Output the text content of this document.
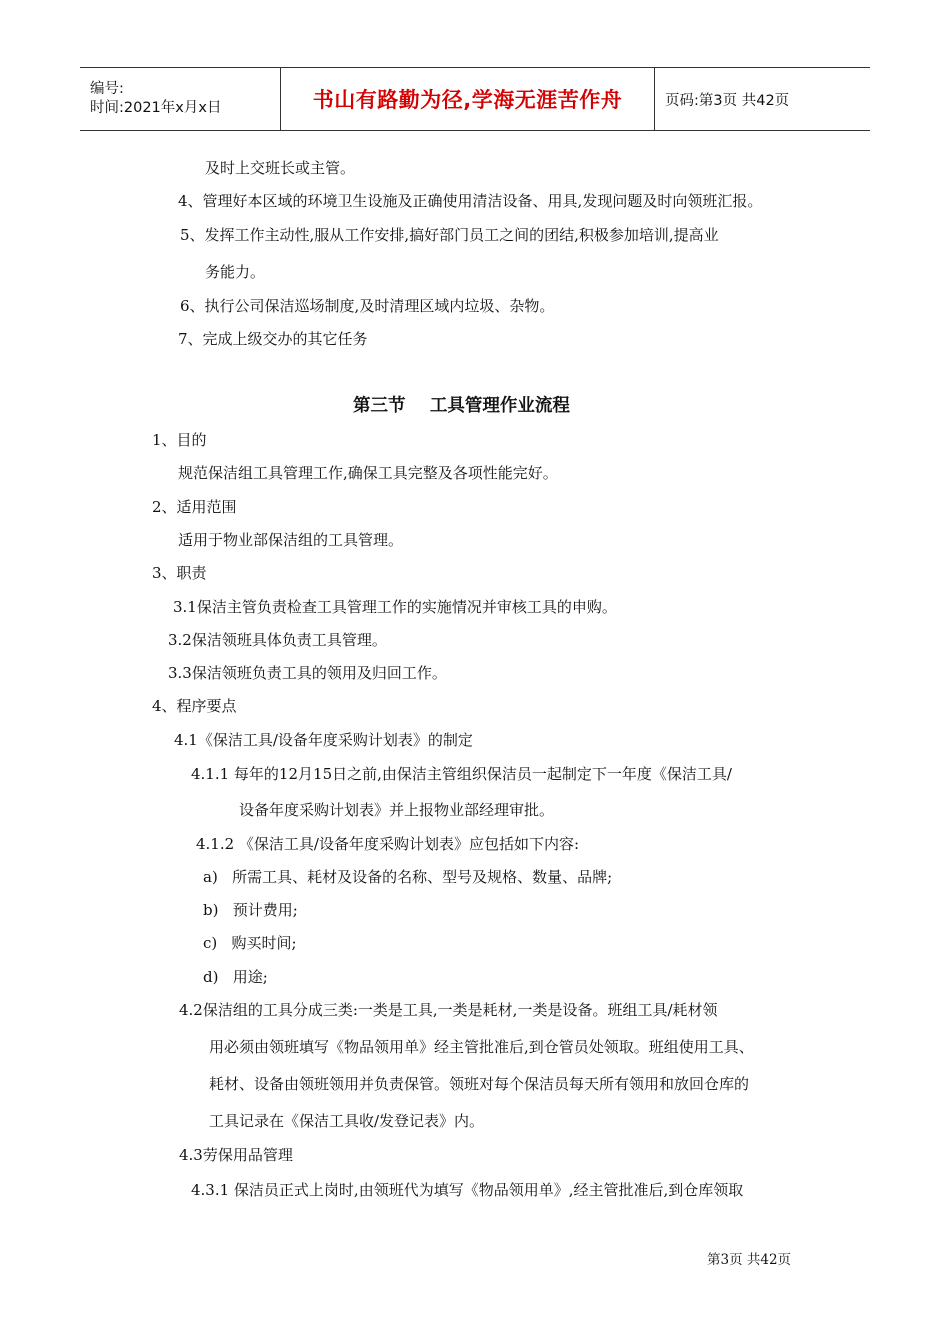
编号:
时间:2021年x月x日	书山有路勤为径,学海无涯苦作舟	页码:第3页 共42页
及时上交班长或主管。
4、管理好本区域的环境卫生设施及正确使用清洁设备、用具,发现问题及时向领班汇报。
5、发挥工作主动性,服从工作安排,搞好部门员工之间的团结,积极参加培训,提高业
务能力。
6、执行公司保洁巡场制度,及时清理区域内垃圾、杂物。
7、完成上级交办的其它任务
第三节    工具管理作业流程
1、目的
规范保洁组工具管理工作,确保工具完整及各项性能完好。
2、适用范围
适用于物业部保洁组的工具管理。
3、职责
3.1保洁主管负责检查工具管理工作的实施情况并审核工具的申购。
3.2保洁领班具体负责工具管理。
3.3保洁领班负责工具的领用及归回工作。
4、程序要点
4.1《保洁工具/设备年度采购计划表》的制定
4.1.1 每年的12月15日之前,由保洁主管组织保洁员一起制定下一年度《保洁工具/
设备年度采购计划表》并上报物业部经理审批。
4.1.2 《保洁工具/设备年度采购计划表》应包括如下内容:
a)   所需工具、耗材及设备的名称、型号及规格、数量、品牌;
b)   预计费用;
c)   购买时间;
d)   用途;
4.2保洁组的工具分成三类:一类是工具,一类是耗材,一类是设备。班组工具/耗材领
用必须由领班填写《物品领用单》经主管批准后,到仓管员处领取。班组使用工具、
耗材、设备由领班领用并负责保管。领班对每个保洁员每天所有领用和放回仓库的
工具记录在《保洁工具收/发登记表》内。
4.3劳保用品管理
4.3.1 保洁员正式上岗时,由领班代为填写《物品领用单》,经主管批准后,到仓库领取
第3页 共42页
